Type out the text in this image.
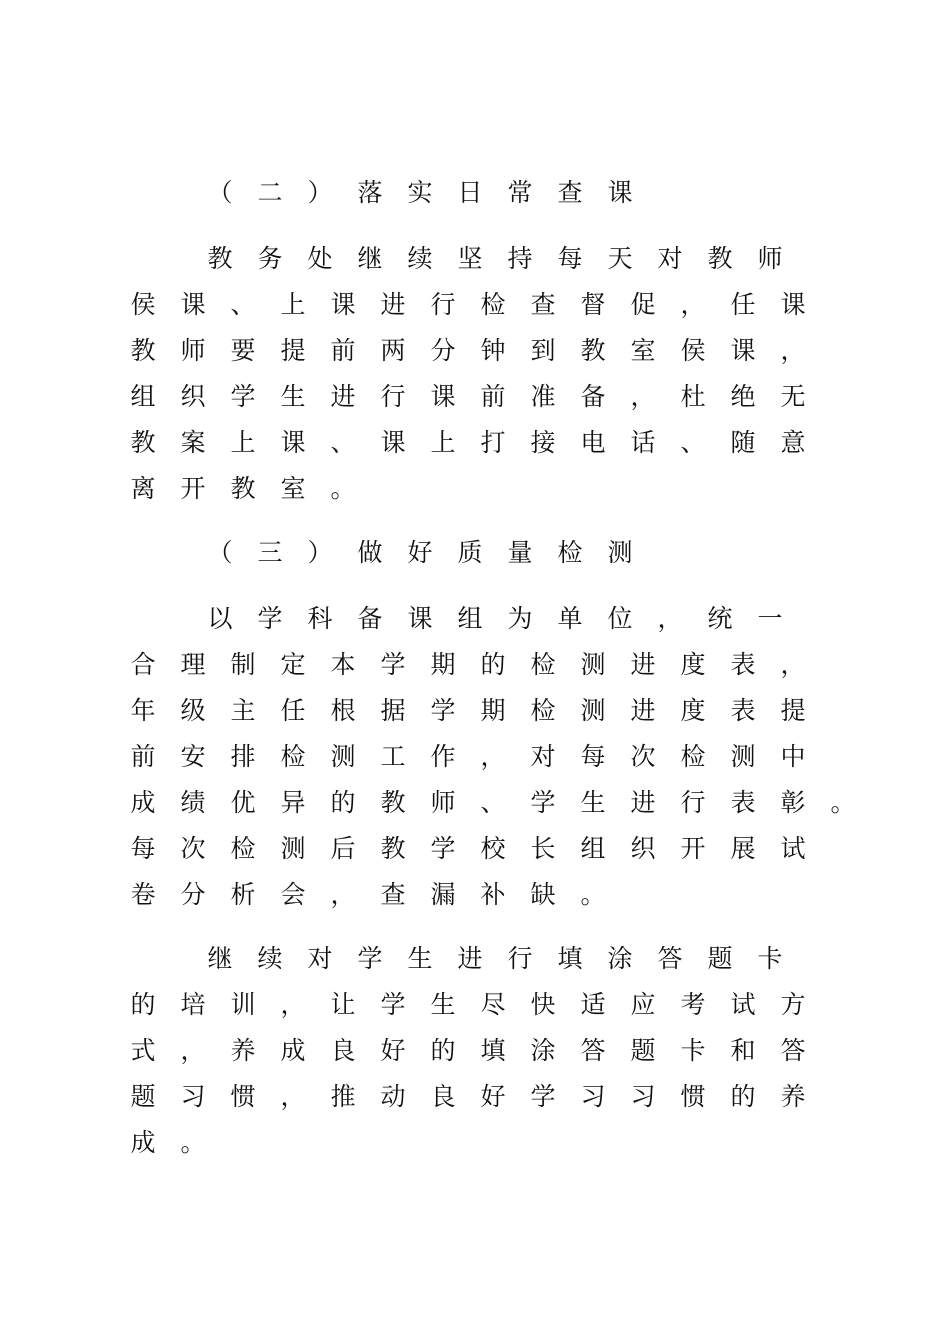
（ 二 ） 落 实 日 常 查 课
教 务 处 继 续 坚 持 每 天 对 教 师
侯 课 、 上 课 进 行 检 查 督 促 ， 任 课
教 师 要 提 前 两 分 钟 到 教 室 侯 课 ，
组 织 学 生 进 行 课 前 准 备 ， 杜 绝 无
教 案 上 课 、 课 上 打 接 电 话 、 随 意
离 开 教 室 。
（ 三 ） 做 好 质 量 检 测
以 学 科 备 课 组 为 单 位 ， 统 一
合 理 制 定 本 学 期 的 检 测 进 度 表 ，
年 级 主 任 根 据 学 期 检 测 进 度 表 提
前 安 排 检 测 工 作 ， 对 每 次 检 测 中
成 绩 优 异 的 教 师 、 学 生 进 行 表 彰 。
每 次 检 测 后 教 学 校 长 组 织 开 展 试
卷 分 析 会 ， 查 漏 补 缺 。
继 续 对 学 生 进 行 填 涂 答 题 卡
的 培 训 ， 让 学 生 尽 快 适 应 考 试 方
式 ， 养 成 良 好 的 填 涂 答 题 卡 和 答
题 习 惯 ， 推 动 良 好 学 习 习 惯 的 养
成 。
